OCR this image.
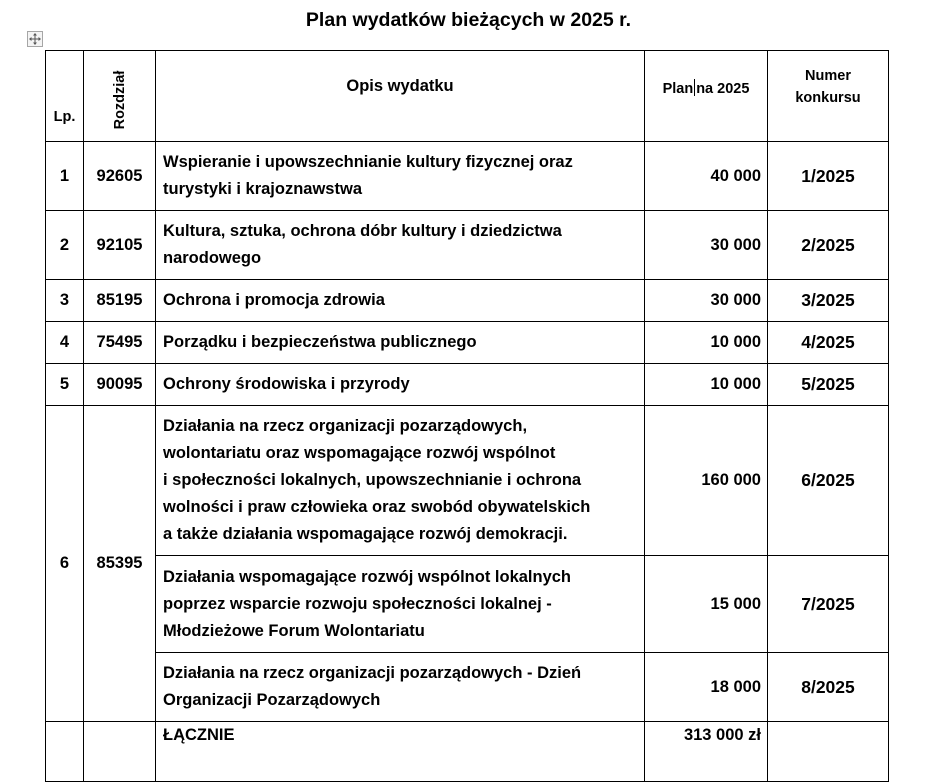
Plan wydatków bieżących w 2025 r.
Lp.	Rozdział	Opis wydatku	Plan na 2025	Numer
konkursu

1	92605	Wspieranie i upowszechnianie kultury fizycznej oraz
turystyki i krajoznawstwa	40 000	1/2025
2	92105	Kultura, sztuka, ochrona dóbr kultury i dziedzictwa
narodowego	30 000	2/2025
3	85195	Ochrona i promocja zdrowia	30 000	3/2025
4	75495	Porządku i bezpieczeństwa publicznego	10 000	4/2025
5	90095	Ochrony środowiska i przyrody	10 000	5/2025
6	85395	Działania na rzecz organizacji pozarządowych,
wolontariatu oraz wspomagające rozwój wspólnot
i społeczności lokalnych, upowszechnianie i ochrona
wolności i praw człowieka oraz swobód obywatelskich
a także działania wspomagające rozwój demokracji.	160 000	6/2025

		Działania wspomagające rozwój wspólnot lokalnych
poprzez wsparcie rozwoju społeczności lokalnej -
Młodzieżowe Forum Wolontariatu	15 000	7/2025

		Działania na rzecz organizacji pozarządowych - Dzień
Organizacji Pozarządowych	18 000	8/2025
		ŁĄCZNIE	313 000 zł	
